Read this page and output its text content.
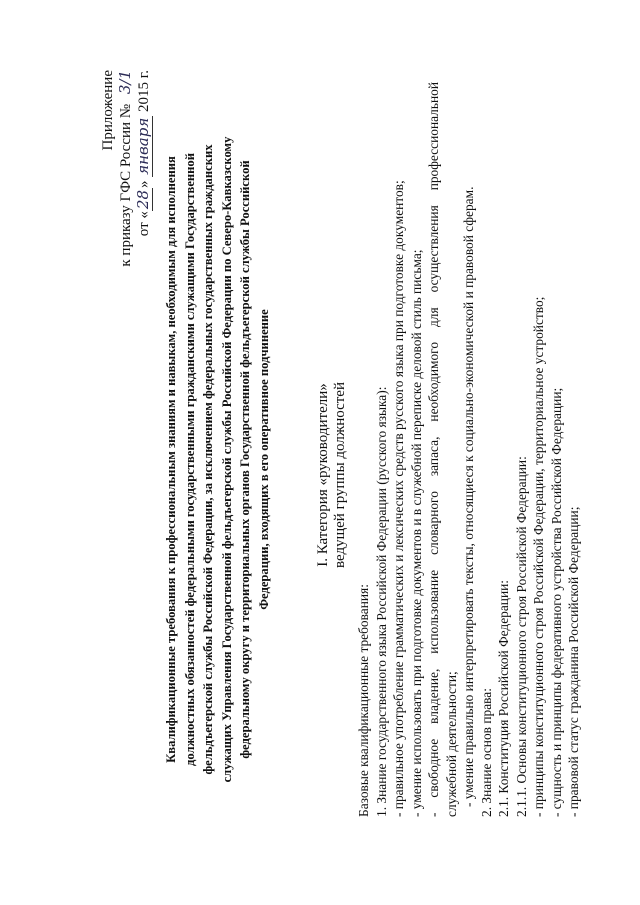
Приложение
к приказу ГФС России № 3/1
от «28» января 2015 г.
Квалификационные требования к профессиональным знаниям и навыкам, необходимым для исполнения должностных обязанностей федеральными государственными гражданскими служащими Государственной фельдъегерской службы Российской Федерации, за исключением федеральных государственных гражданских служащих Управления Государственной фельдъегерской службы Российской Федерации по Северо-Кавказскому федеральному округу и территориальных органов Государственной фельдъегерской службы Российской Федерации, входящих в его оперативное подчинение	I. Категория «руководители» ведущей группы должностей
Базовые квалификационные требования: 1. Знание государственного языка Российской Федерации (русского языка): - правильное употребление грамматических и лексических средств русского языка при подготовке документов; - умение использовать при подготовке документов и в служебной переписке деловой стиль письма; - свободное владение, использование словарного запаса, необходимого для осуществления профессиональной служебной деятельности; - умение правильно интерпретировать тексты, относящиеся к социально-экономической и правовой сферам. 2. Знание основ права: 2.1. Конституция Российской Федерации: 2.1.1. Основы конституционного строя Российской Федерации: - принципы конституционного строя Российской Федерации, территориальное устройство; - сущность и принципы федеративного устройства Российской Федерации; - правовой статус гражданина Российской Федерации;
